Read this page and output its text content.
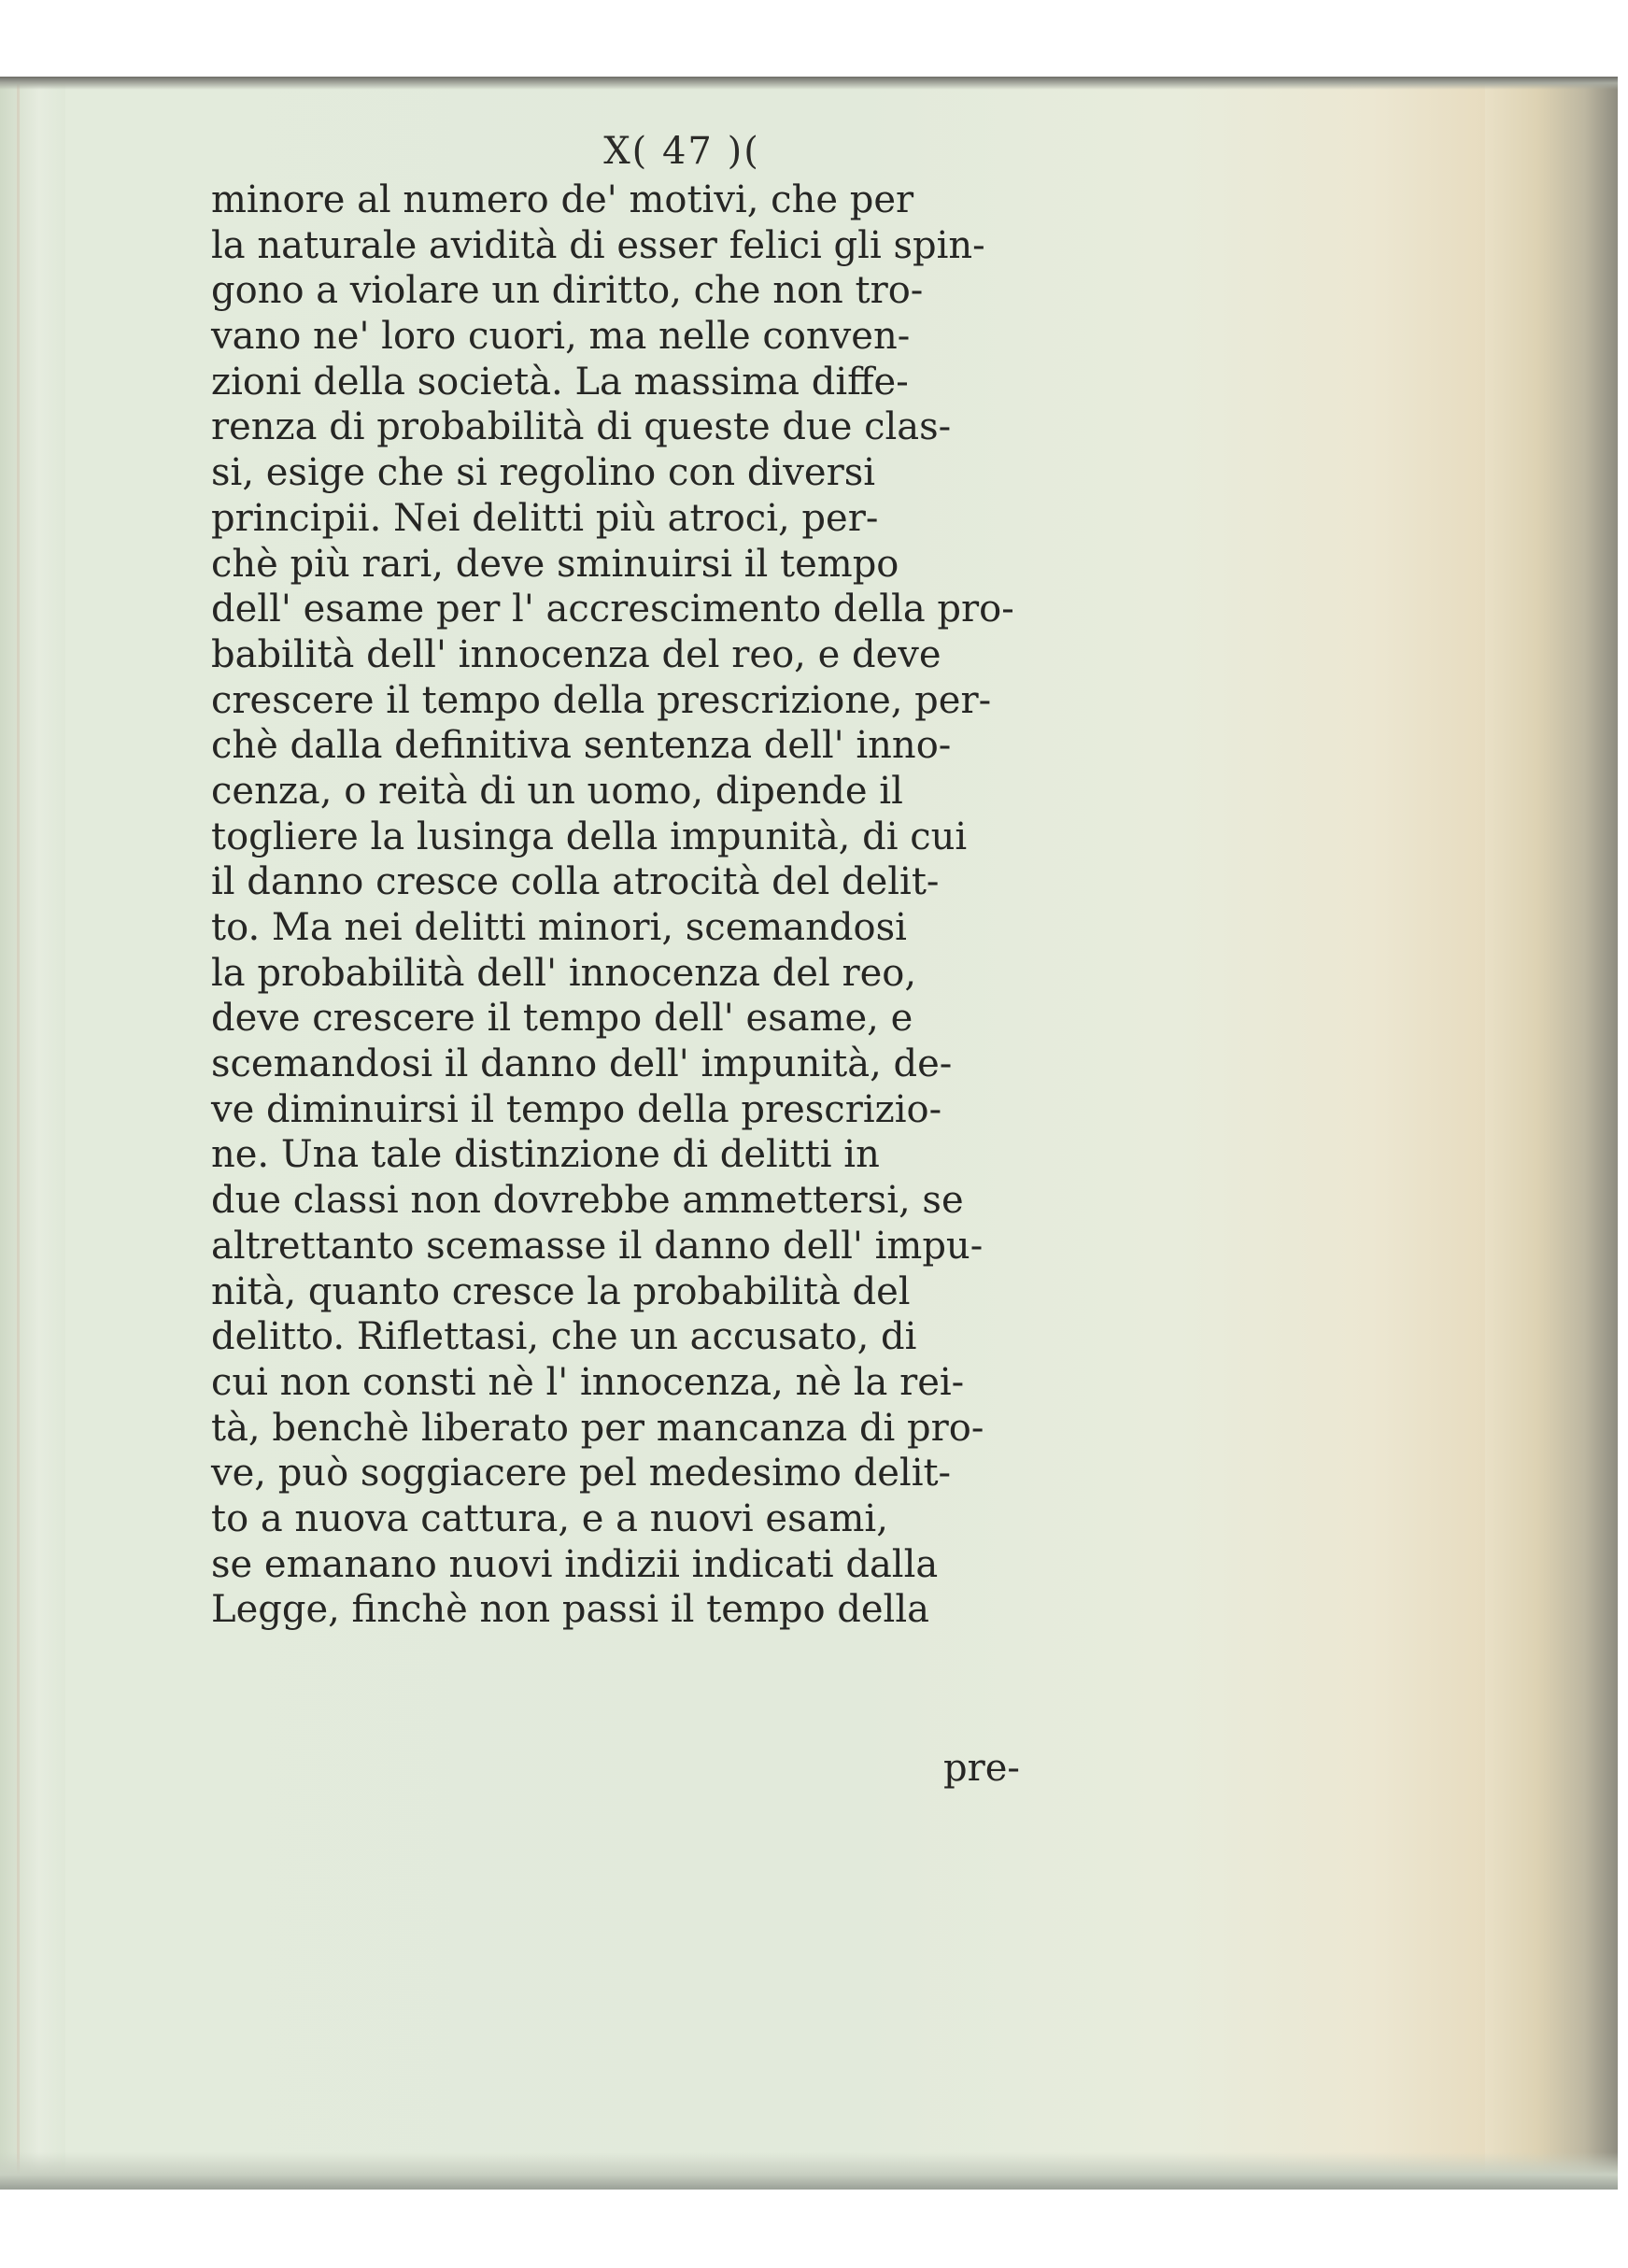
X( 47 )(
minore al numero de' motivi, che per
la naturale avidità di esser felici gli spin-
gono a violare un diritto, che non tro-
vano ne' loro cuori, ma nelle conven-
zioni della società. La massima diffe-
renza di probabilità di queste due clas-
si, esige che si regolino con diversi
principii. Nei delitti più atroci, per-
chè più rari, deve sminuirsi il tempo
dell' esame per l' accrescimento della pro-
babilità dell' innocenza del reo, e deve
crescere il tempo della prescrizione, per-
chè dalla definitiva sentenza dell' inno-
cenza, o reità di un uomo, dipende il
togliere la lusinga della impunità, di cui
il danno cresce colla atrocità del delit-
to. Ma nei delitti minori, scemandosi
la probabilità dell' innocenza del reo,
deve crescere il tempo dell' esame, e
scemandosi il danno dell' impunità, de-
ve diminuirsi il tempo della prescrizio-
ne. Una tale distinzione di delitti in
due classi non dovrebbe ammettersi, se
altrettanto scemasse il danno dell' impu-
nità, quanto cresce la probabilità del
delitto. Riflettasi, che un accusato, di
cui non consti nè l' innocenza, nè la rei-
tà, benchè liberato per mancanza di pro-
ve, può soggiacere pel medesimo delit-
to a nuova cattura, e a nuovi esami,
se emanano nuovi indizii indicati dalla
Legge, finchè non passi il tempo della
pre-
